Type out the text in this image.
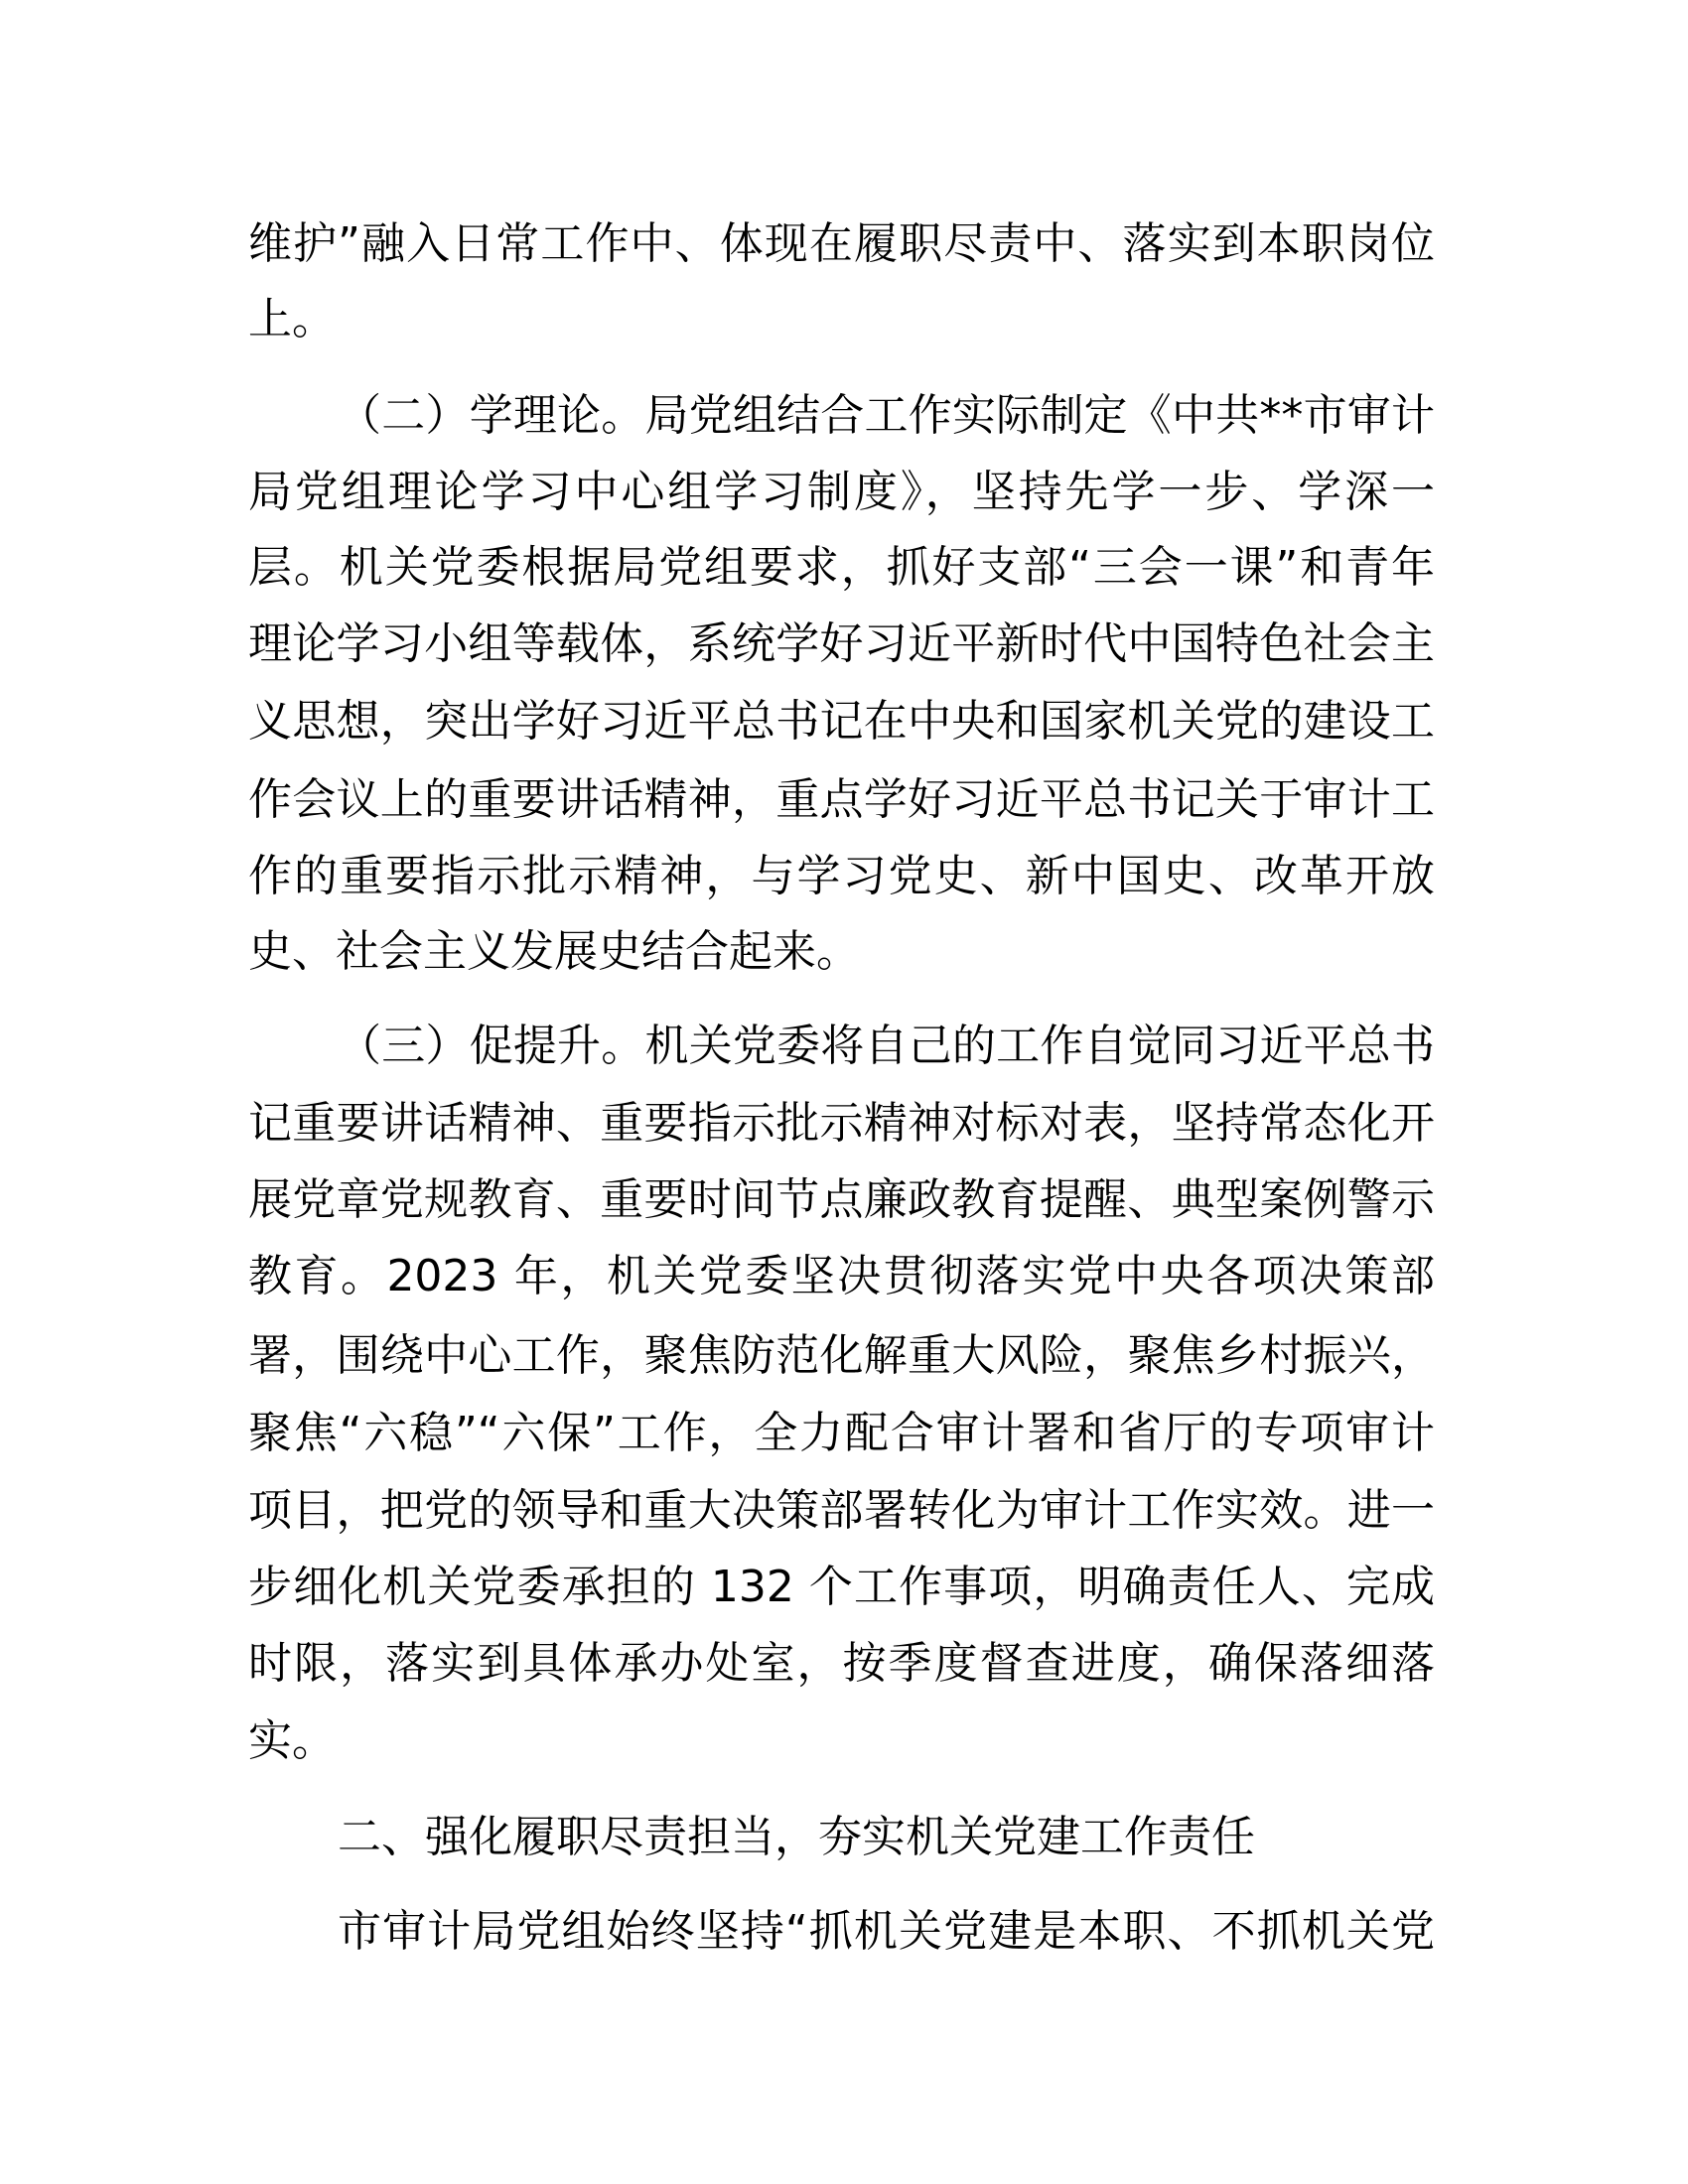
维护”融入日常工作中、体现在履职尽责中、落实到本职岗位
上。
（二）学理论。局党组结合工作实际制定《中共**市审计
局党组理论学习中心组学习制度》，坚持先学一步、学深一
层。机关党委根据局党组要求，抓好支部“三会一课”和青年
理论学习小组等载体，系统学好习近平新时代中国特色社会主
义思想，突出学好习近平总书记在中央和国家机关党的建设工
作会议上的重要讲话精神，重点学好习近平总书记关于审计工
作的重要指示批示精神，与学习党史、新中国史、改革开放
史、社会主义发展史结合起来。
（三）促提升。机关党委将自己的工作自觉同习近平总书
记重要讲话精神、重要指示批示精神对标对表，坚持常态化开
展党章党规教育、重要时间节点廉政教育提醒、典型案例警示
教育。2023 年，机关党委坚决贯彻落实党中央各项决策部
署，围绕中心工作，聚焦防范化解重大风险，聚焦乡村振兴，
聚焦“六稳”“六保”工作，全力配合审计署和省厅的专项审计
项目，把党的领导和重大决策部署转化为审计工作实效。进一
步细化机关党委承担的 132 个工作事项，明确责任人、完成
时限，落实到具体承办处室，按季度督查进度，确保落细落
实。
二、强化履职尽责担当，夯实机关党建工作责任
市审计局党组始终坚持“抓机关党建是本职、不抓机关党
